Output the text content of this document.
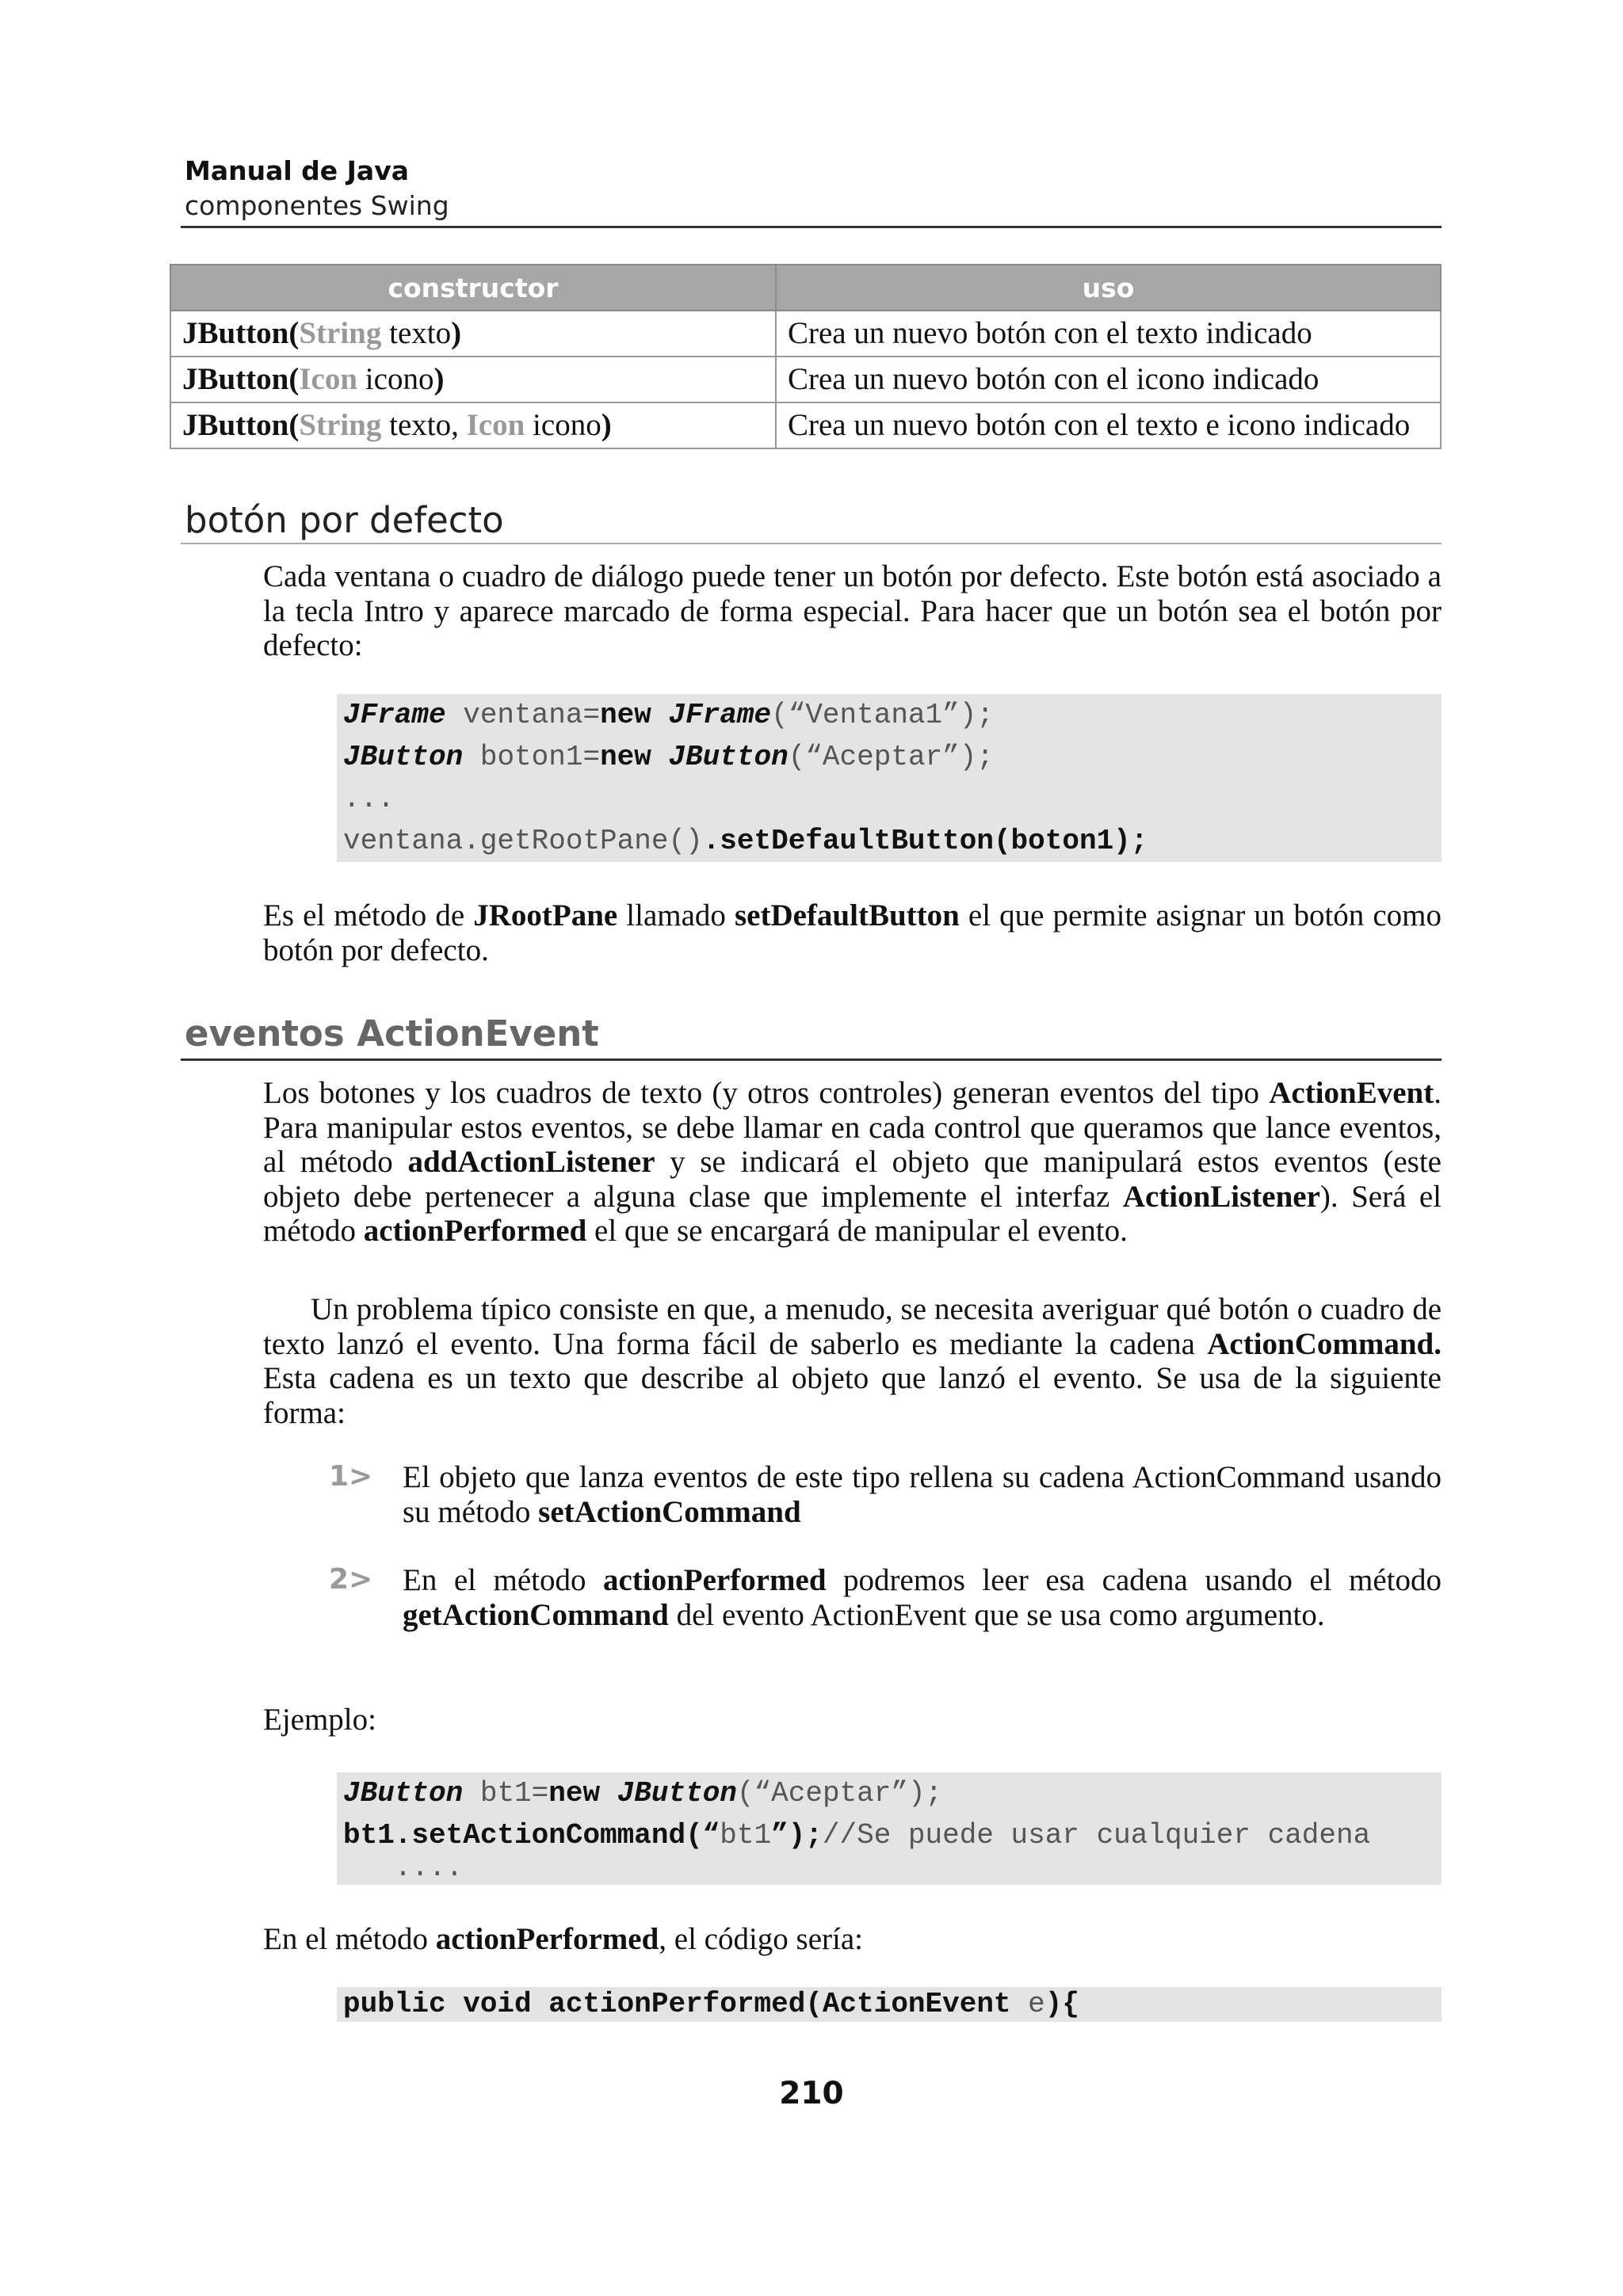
Manual de Java
componentes Swing
constructor	uso
JButton(String texto)	Crea un nuevo botón con el texto indicado
JButton(Icon icono)	Crea un nuevo botón con el icono indicado
JButton(String texto, Icon icono)	Crea un nuevo botón con el texto e icono indicado
botón por defecto

Cada ventana o cuadro de diálogo puede tener un botón por defecto. Este botón está asociado a la tecla Intro y aparece marcado de forma especial. Para hacer que un botón sea el botón por defecto:

JFrame ventana=new JFrame(“Ventana1”);
JButton boton1=new JButton(“Aceptar”);
...
ventana.getRootPane().setDefaultButton(boton1);

Es el método de JRootPane llamado setDefaultButton el que permite asignar un botón como botón por defecto.

eventos ActionEvent

Los botones y los cuadros de texto (y otros controles) generan eventos del tipo ActionEvent. Para manipular estos eventos, se debe llamar en cada control que queramos que lance eventos, al método addActionListener y se indicará el objeto que manipulará estos eventos (este objeto debe pertenecer a alguna clase que implemente el interfaz ActionListener). Será el método actionPerformed el que se encargará de manipular el evento.

Un problema típico consiste en que, a menudo, se necesita averiguar qué botón o cuadro de texto lanzó el evento. Una forma fácil de saberlo es mediante la cadena ActionCommand. Esta cadena es un texto que describe al objeto que lanzó el evento. Se usa de la siguiente forma:

1> El objeto que lanza eventos de este tipo rellena su cadena ActionCommand usando su método setActionCommand

2> En el método actionPerformed podremos leer esa cadena usando el método getActionCommand del evento ActionEvent que se usa como argumento.

Ejemplo:

JButton bt1=new JButton(“Aceptar”);
bt1.setActionCommand(“bt1”);//Se puede usar cualquier cadena
....

En el método actionPerformed, el código sería:

public void actionPerformed(ActionEvent e){
210
